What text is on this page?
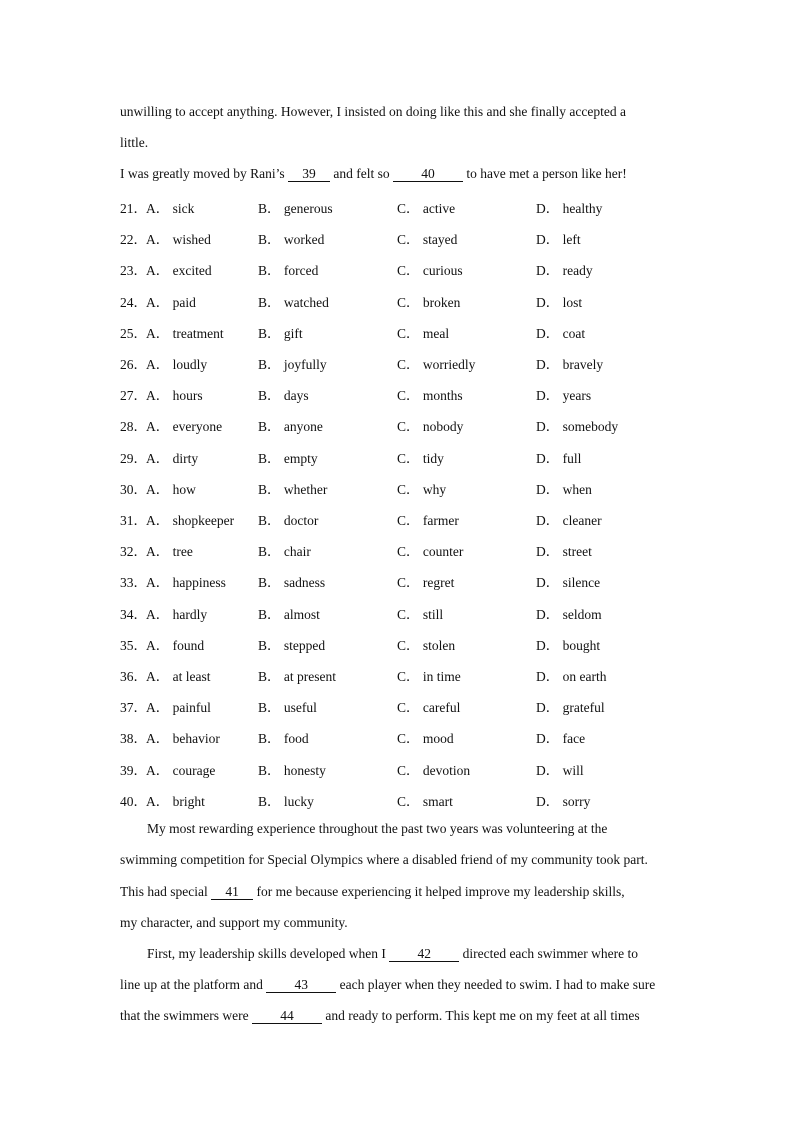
unwilling to accept anything. However, I insisted on doing like this and she finally accepted a
little.
I was greatly moved by Rani’s 39 and felt so 40 to have met a person like her!
21． A． sick	B． generous	C． active	D． healthy
22． A． wished	B． worked	C． stayed	D． left
23． A． excited	B． forced	C． curious	D． ready
24． A． paid	B． watched	C． broken	D． lost
25． A． treatment	B． gift	C． meal	D． coat
26． A． loudly	B． joyfully	C． worriedly	D． bravely
27． A． hours	B． days	C． months	D． years
28． A． everyone	B． anyone	C． nobody	D． somebody
29． A． dirty	B． empty	C． tidy	D． full
30． A． how	B． whether	C． why	D． when
31． A． shopkeeper B． doctor	C． farmer	D． cleaner
32． A． tree	B． chair	C． counter	D． street
33． A． happiness B． sadness	C． regret	D． silence
34． A． hardly	B． almost	C． still	D． seldom
35． A． found	B． stepped	C． stolen	D． bought
36． A． at least	B． at present	C． in time	D． on earth
37． A． painful	B． useful	C． careful	D． grateful
38． A． behavior	B． food	C． mood	D． face
39． A． courage	B． honesty	C． devotion	D． will
40． A． bright	B． lucky	C． smart	D． sorry
My most rewarding experience throughout the past two years was volunteering at the
swimming competition for Special Olympics where a disabled friend of my community took part.
This had special 41 for me because experiencing it helped improve my leadership skills,
my character, and support my community.
First, my leadership skills developed when I 42 directed each swimmer where to
line up at the platform and 43 each player when they needed to swim. I had to make sure
that the swimmers were 44 and ready to perform. This kept me on my feet at all times
